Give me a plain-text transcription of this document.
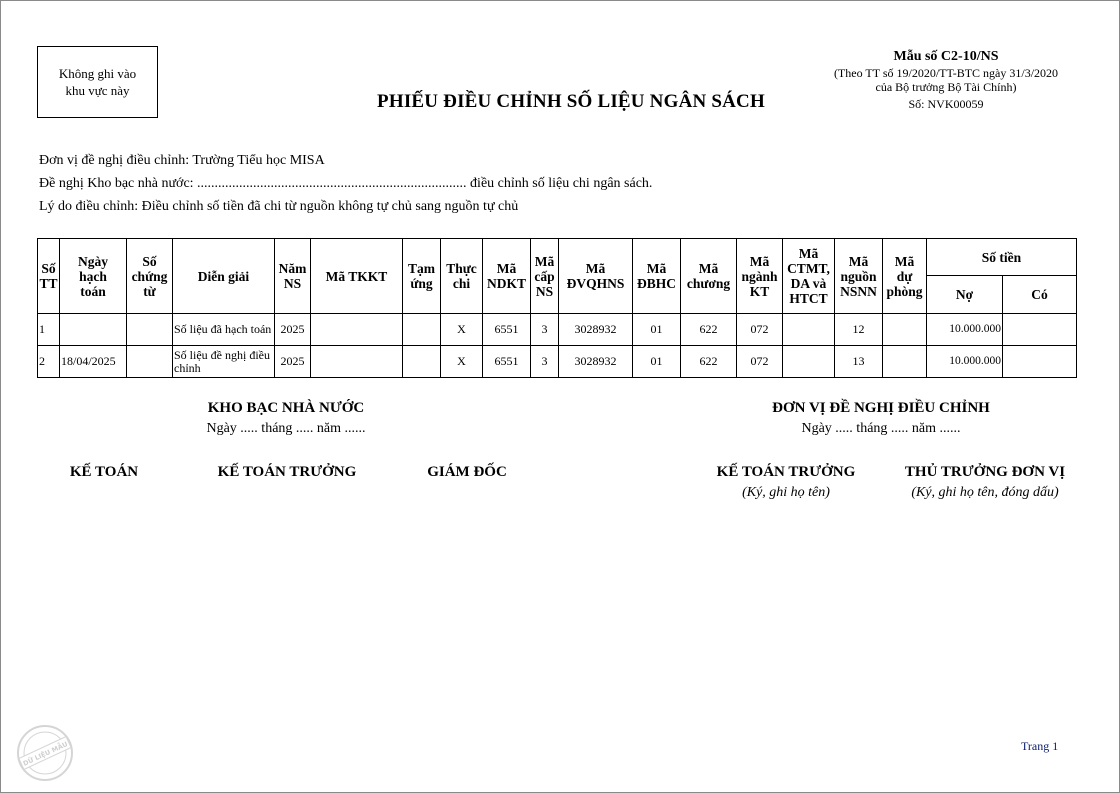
Không ghi vào
khu vực này
Mẫu số C2-10/NS
(Theo TT số 19/2020/TT-BTC ngày 31/3/2020
của Bộ trưởng Bộ Tài Chính)
Số: NVK00059
PHIẾU ĐIỀU CHỈNH SỐ LIỆU NGÂN SÁCH
Đơn vị đề nghị điều chỉnh: Trường Tiểu học MISA
Đề nghị Kho bạc nhà nước: ............................................................................. điều chỉnh số liệu chi ngân sách.
Lý do điều chỉnh: Điều chỉnh số tiền đã chi từ nguồn không tự chủ sang nguồn tự chủ
Số
TT	Ngày
hạch
toán	Số
chứng
từ	Diễn giải	Năm
NS	Mã TKKT	Tạm
ứng	Thực
chi	Mã
NDKT	Mã
cấp
NS	Mã
ĐVQHNS	Mã
ĐBHC	Mã
chương	Mã
ngành
KT	Mã
CTMT,
DA và
HTCT	Mã
nguồn
NSNN	Mã
dự
phòng	Số tiền	
																	Nợ	Có
1			Số liệu đã hạch toán	2025			X	6551	3	3028932	01	622	072		12		10.000.000	
2	18/04/2025		Số liệu đề nghị điều chỉnh	2025			X	6551	3	3028932	01	622	072		13		10.000.000	
KHO BẠC NHÀ NƯỚC
Ngày ..... tháng ..... năm ......
ĐƠN VỊ ĐỀ NGHỊ ĐIỀU CHỈNH
Ngày ..... tháng ..... năm ......
KẾ TOÁN	KẾ TOÁN TRƯỞNG	GIÁM ĐỐC	KẾ TOÁN TRƯỞNG
(Ký, ghi họ tên)
THỦ TRƯỞNG ĐƠN VỊ
(Ký, ghi họ tên, đóng dấu)
DỮ LIỆU MẪU	Trang 1
